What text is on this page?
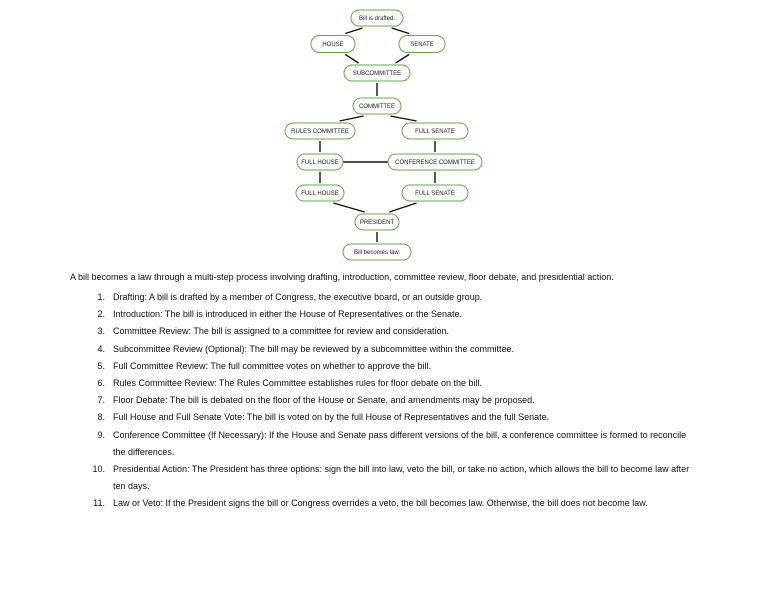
Bill is drafted.
HOUSE	SENATE
SUBCOMMITTEE
COMMITTEE
RULES COMMITTEE	FULL SENATE
FULL HOUSE	CONFERENCE COMMITTEE
FULL HOUSE	FULL SENATE
PRESIDENT
Bill becomes law.

A bill becomes a law through a multi-step process involving drafting, introduction, committee review, floor debate, and presidential action.

1. Drafting: A bill is drafted by a member of Congress, the executive board, or an outside group.
2. Introduction: The bill is introduced in either the House of Representatives or the Senate.
3. Committee Review: The bill is assigned to a committee for review and consideration.
4. Subcommittee Review (Optional): The bill may be reviewed by a subcommittee within the committee.
5. Full Committee Review: The full committee votes on whether to approve the bill.
6. Rules Committee Review: The Rules Committee establishes rules for floor debate on the bill.
7. Floor Debate: The bill is debated on the floor of the House or Senate, and amendments may be proposed.
8. Full House and Full Senate Vote: The bill is voted on by the full House of Representatives and the full Senate.
9. Conference Committee (If Necessary): If the House and Senate pass different versions of the bill, a conference committee is formed to reconcile the differences.
10. Presidential Action: The President has three options: sign the bill into law, veto the bill, or take no action, which allows the bill to become law after ten days.
11. Law or Veto: If the President signs the bill or Congress overrides a veto, the bill becomes law. Otherwise, the bill does not become law.
